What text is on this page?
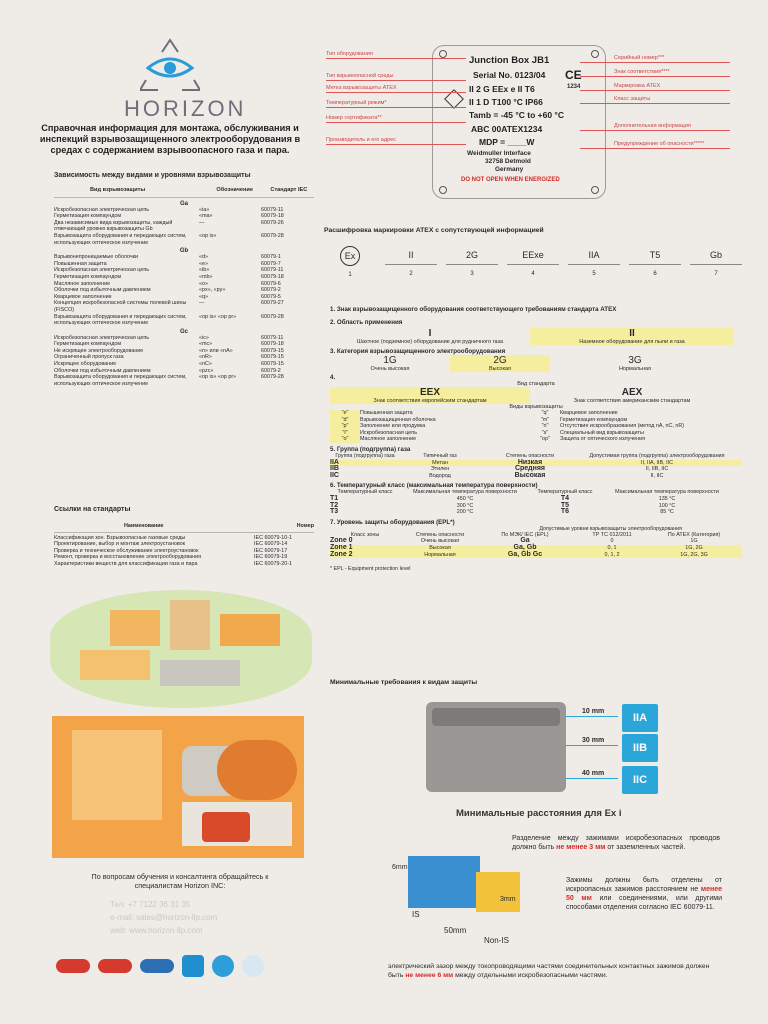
HORIZON
Справочная информация для монтажа, обслуживания и инспекций взрывозащищенного электрооборудования в средах с содержанием взрывоопасного газа и пара.
Зависимость между видами и уровнями взрывозащиты
Вид взрывозащиты	Обозначение	Стандарт IEC
Ga
Искробезопасная электрическая цепь	«ia»	60079-11
Герметизация компаундом	«ma»	60079-18
Два независимых вида взрывозащиты, каждый отвечающий уровню взрывозащиты Gb
—	60079-26
Взрывозащита оборудования и передающих систем, использующих оптическое излучение
«op is»	60079-28
Gb
Взрывонепроницаемые оболочки	«d»	60079-1
Повышенная защита	«e»	60079-7
Искробезопасная электрическая цепь	«ib»	60079-11
Герметизация компаундом	«mb»	60079-18
Масляное заполнение	«o»	60079-6
Оболочки под избыточным давлением	«px», «py»	60079-2
Кварцевое заполнение	«q»	60079-5
Концепция искробезопасной системы полевой шины (FISCO)
—	60079-27
Взрывозащита оборудования и передающих систем, использующих оптическое излучение
«op is» «op pr»	60079-28
Gc
Искробезопасная электрическая цепь	«ic»	60079-11
Герметизация компаундом	«mc»	60079-18
Не искрящее электрооборудование	«n» или «nA»	60079-15
Ограниченный пропуск газа	«nR»	60079-15
Искрящее оборудование	«nC»	60079-15
Оболочки под избыточным давлением	«pzc»	60079-2
Взрывозащита оборудования и передающих систем, использующих оптическое излучение
«op is» «op pr»	60079-28
Ссылки на стандарты
Наименование	Номер
Классификация зон. Взрывоопасные газовые среды	IEC 60079-10-1
Проектирование, выбор и монтаж электроустановок	IEC 60079-14
Проверка и техническое обслуживание электроустановок	IEC 60079-17
Ремонт, проверка и восстановление электрооборудования	IEC 60079-19
Характеристики веществ для классификации газа и пара	IEC 60079-20-1
По вопросам обучения и консалтинга обращайтесь к специалистам Horizon INC:
Тел: +7 7122 36 31 35
e-mail: sales@horizon-llp.com
web: www.horizon-llp.com
Junction Box JB1
Serial No. 0123/04 CE
1234
II 2 G EEx e II T6
II 1 D T100 °C IP66
Tamb = -45 °C to +60 °C
ABC 00ATEX1234
MDP = ____W
Weidmuller Interface
32758 Detmold
Germany
DO NOT OPEN WHEN ENERGIZED
Расшифровка маркировки ATEX с сопутствующей информацией
Ex
1
II
2
2G
3
EExe
4
IIA
5
T5
6
Gb
7
1. Знак взрывозащищенного оборудования соответствующего требованиям стандарта ATEX
2. Область применения
I
Шахтное (подземное) оборудование для рудничного газа
II
Наземное оборудование для пыли и газа
3. Категория взрывозащищенного электрооборудования
1G
Очень высокая
2G
Высокая
3G
Нормальная
4.
Вид стандарта
EEX
Знак соответствия европейским стандартам
AEX
Знак соответствия американским стандартам
Виды взрывозащиты
"e"	Повышенная защита
"d"	Взрывозащищенная оболочка
"p"	Заполнение или продувка
"i"	Искробезопасная цепь
"o"	Масляное заполнение
"q"	Кварцевое заполнение
"m"	Герметизация компаундом
"n"	Отсутствие искрообразования (метод nA, nC, nR)
"s"	Специальный вид взрывозащиты
"op"	Защита от оптического излучения
5. Группа (подгруппа) газа
Группа (подгруппа) газа	Типичный газ	Степень опасности	Допустимая группа (подгруппа) электрооборудования
IIA	Метан	Низкая	II, IIA, IIB, IIC
IIB	Этилен	Средняя	II, IIB, IIC
IIC	Водород	Высокая	II, IIC
6. Температурный класс (максимальная температура поверхности)
Температурный класс	Максимальная температура поверхности	Температурный класс	Максимальная температура поверхности
T1	450 °C	T4	135 °C
T2	300 °C	T5	100 °C
T3	200 °C	T6	85 °C
7. Уровень защиты оборудования (EPL*)
Допустимые уровни взрывозащиты электрооборудования
Класс зоны	Степень опасности	По МЭК/ IEC (EPL)	ТР ТС 012/2011	По ATEX (Категория)
Zone 0	Очень высокая	Ga	0	1G
Zone 1	Высокая	Ga, Gb	0, 1	1G, 2G
Zone 2	Нормальная	Ga, Gb Gc	0, 1, 2	1G, 2G, 3G
* EPL - Equipment protection level
Минимальные требования к видам защиты
10 mm
30 mm
40 mm
IIA
IIB
IIC
Минимальные расстояния для Ex i
Разделение между зажимами искробезопасных проводов должно быть не менее 3 мм от заземленных частей.
Зажимы должны быть отделены от искроопасных зажимов расстоянием не менее 50 мм или соединениями, или другими способами отделения согласно IEC 60079-11.
6mm
3mm
IS
50mm
Non-IS
электрический зазор между токопроводящими частями соединительных контактных зажимов должен быть не менее 6 мм между отдельными искробезопасными частями.
Тип оборудования
Тип взрывоопасной среды
Метка взрывозащиты ATEX
Температурный режим*
Номер сертификата**
Производитель и его адрес
Серийный номер***
Знак соответствия****
Маркировка ATEX
Класс защиты
Дополнительная информация
Предупреждение об опасности*****
